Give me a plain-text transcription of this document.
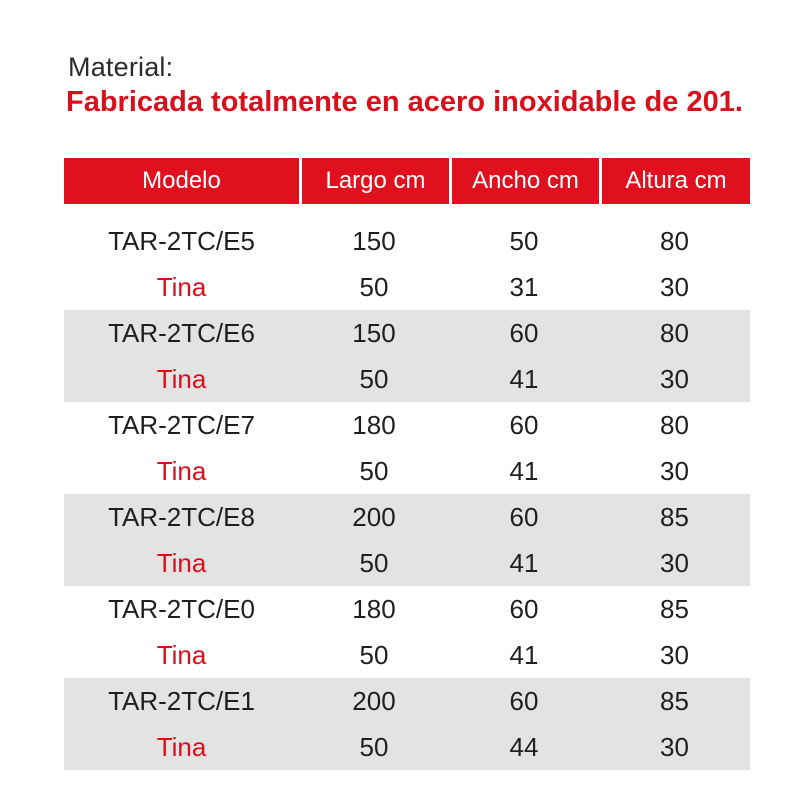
Material:
Fabricada totalmente en acero inoxidable de 201.
Modelo	Largo cm	Ancho cm	Altura cm
TAR-2TC/E5	150	50	80
Tina	50	31	30
TAR-2TC/E6	150	60	80
Tina	50	41	30
TAR-2TC/E7	180	60	80
Tina	50	41	30
TAR-2TC/E8	200	60	85
Tina	50	41	30
TAR-2TC/E0	180	60	85
Tina	50	41	30
TAR-2TC/E1	200	60	85
Tina	50	44	30
